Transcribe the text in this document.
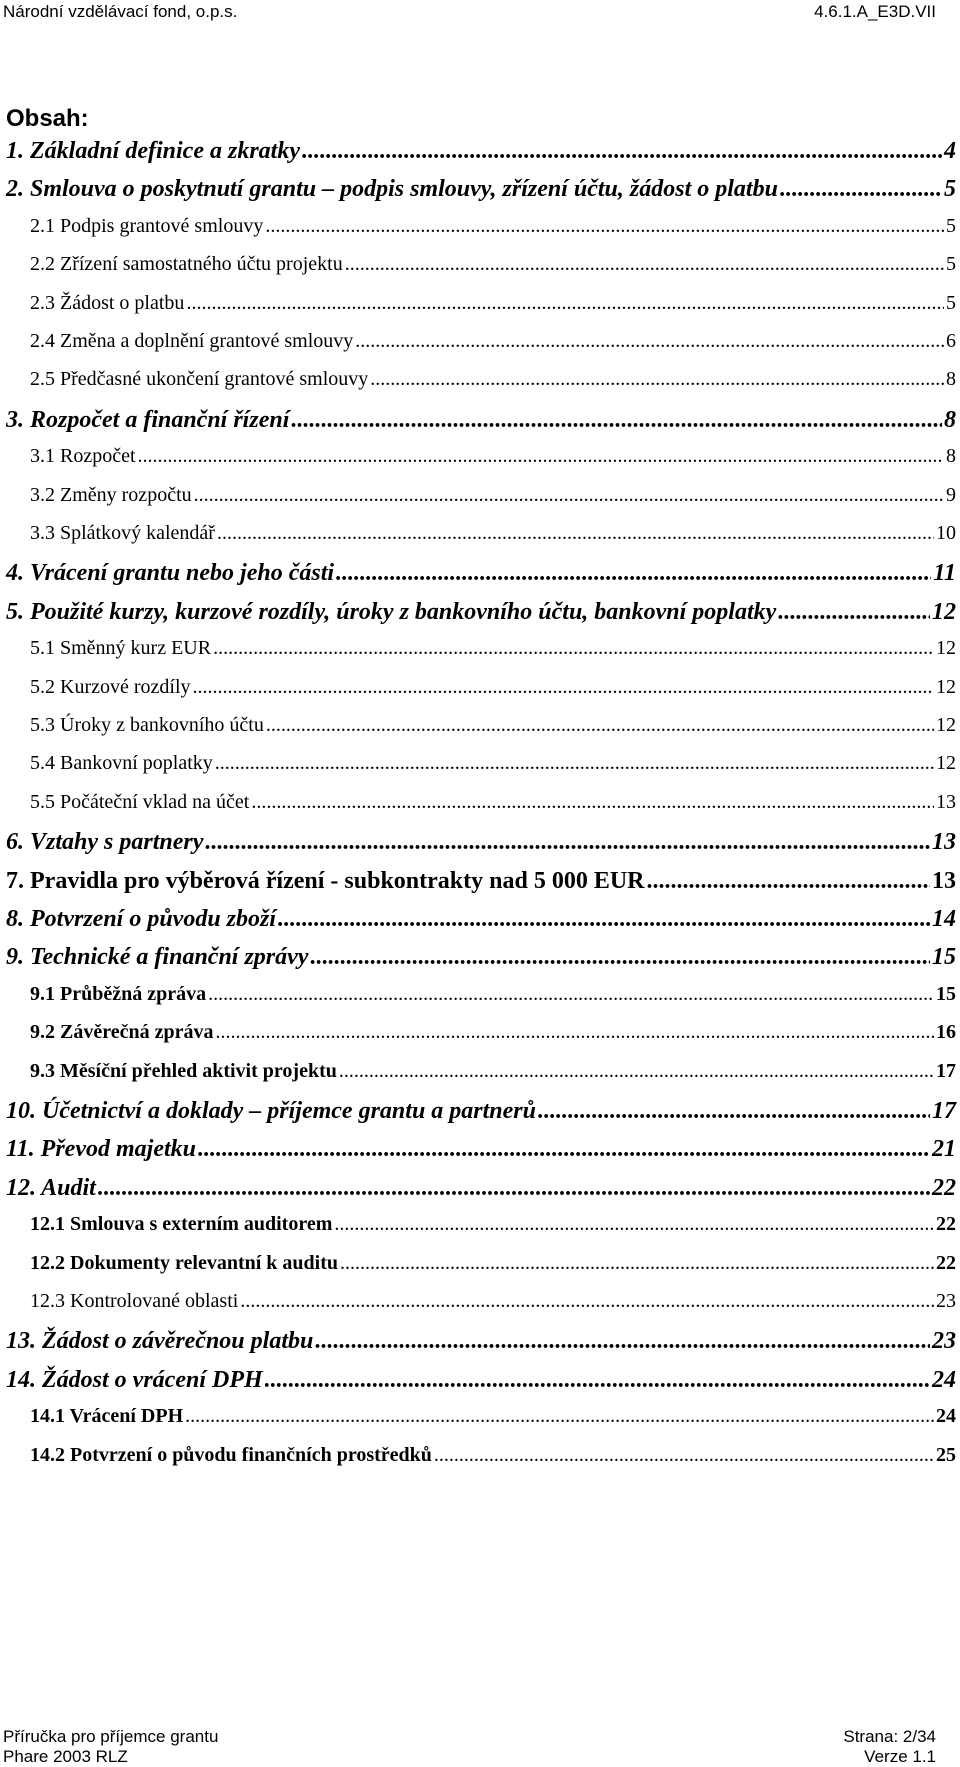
Národní vzdělávací fond, o.p.s.	4.6.1.A_E3D.VII
Obsah:
1. Základní definice a zkratky .....	4
2. Smlouva o poskytnutí grantu – podpis smlouvy, zřízení účtu, žádost o platbu .....	5
2.1 Podpis grantové smlouvy .....	5
2.2 Zřízení samostatného účtu projektu .....	5
2.3 Žádost o platbu .....	5
2.4 Změna a doplnění grantové smlouvy .....	6
2.5 Předčasné ukončení grantové smlouvy .....	8
3. Rozpočet a finanční řízení .....	8
3.1 Rozpočet .....	8
3.2 Změny rozpočtu .....	9
3.3 Splátkový kalendář .....	10
4. Vrácení grantu nebo jeho části .....	11
5. Použité kurzy, kurzové rozdíly, úroky z bankovního účtu, bankovní poplatky .....	12
5.1 Směnný kurz EUR .....	12
5.2 Kurzové rozdíly .....	12
5.3 Úroky z bankovního účtu .....	12
5.4 Bankovní poplatky .....	12
5.5 Počáteční vklad na účet .....	13
6. Vztahy s partnery .....	13
7. Pravidla pro výběrová řízení - subkontrakty nad 5 000 EUR .....	13
8. Potvrzení o původu zboží .....	14
9. Technické a finanční zprávy .....	15
9.1 Průběžná zpráva .....	15
9.2 Závěrečná zpráva .....	16
9.3 Měsíční přehled aktivit projektu .....	17
10. Účetnictví a doklady – příjemce grantu a partnerů .....	17
11. Převod majetku .....	21
12. Audit .....	22
12.1 Smlouva s externím auditorem .....	22
12.2 Dokumenty relevantní k auditu .....	22
12.3 Kontrolované oblasti .....	23
13. Žádost o závěrečnou platbu .....	23
14. Žádost o vrácení DPH .....	24
14.1 Vrácení DPH .....	24
14.2 Potvrzení o původu finančních prostředků .....	25
Příručka pro příjemce grantu
Phare 2003 RLZ
Strana: 2/34
Verze 1.1
